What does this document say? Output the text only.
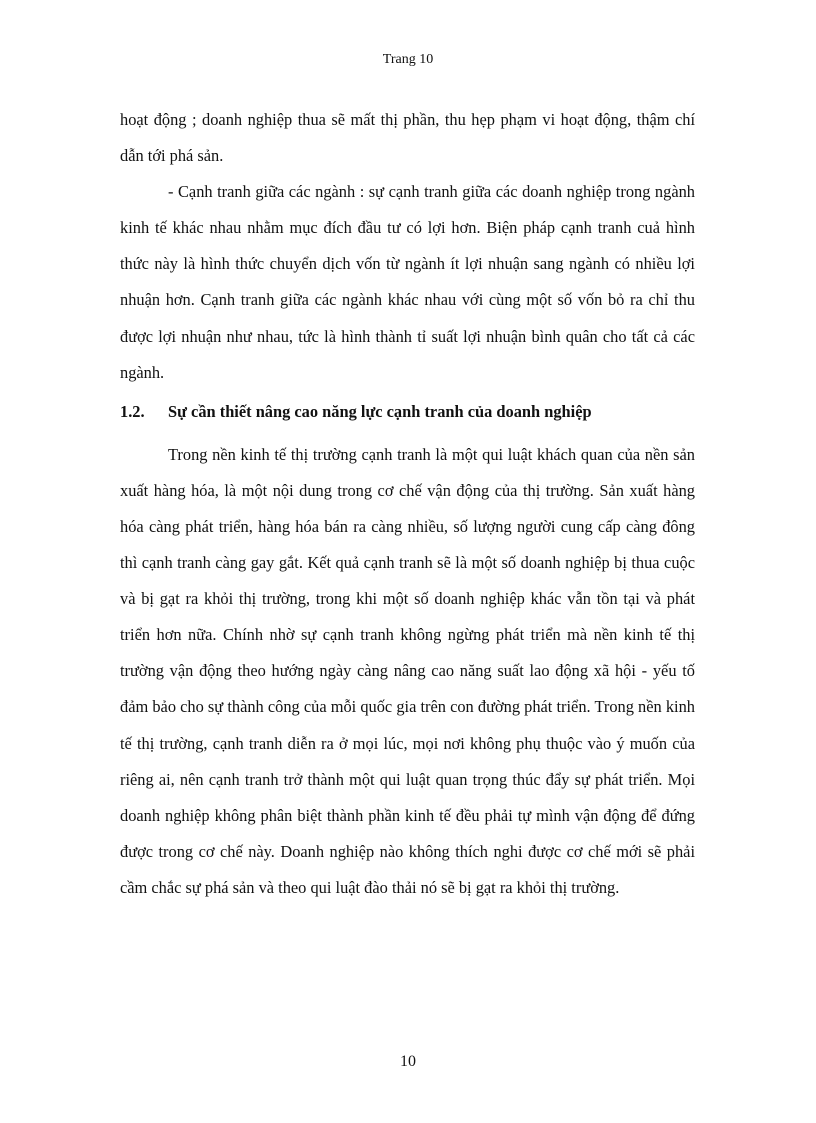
Trang 10

hoạt động ; doanh nghiệp thua sẽ mất thị phần, thu hẹp phạm vi hoạt động, thậm chí dẫn tới phá sản.

- Cạnh tranh giữa các ngành : sự cạnh tranh giữa các doanh nghiệp trong ngành kinh tế khác nhau nhằm mục đích đầu tư có lợi hơn. Biện pháp cạnh tranh cuả hình thức này là hình thức chuyển dịch vốn từ ngành ít lợi nhuận sang ngành có nhiều lợi nhuận hơn. Cạnh tranh giữa các ngành khác nhau với cùng một số vốn bỏ ra chỉ thu được lợi nhuận như nhau, tức là hình thành tỉ suất lợi nhuận bình quân cho tất cả các ngành.

1.2.	Sự cần thiết nâng cao năng lực cạnh tranh của doanh nghiệp

Trong nền kinh tế thị trường cạnh tranh là một qui luật khách quan của nền sản xuất hàng hóa, là một nội dung trong cơ chế vận động của thị trường. Sản xuất hàng hóa càng phát triển, hàng hóa bán ra càng nhiều, số lượng người cung cấp càng đông thì cạnh tranh càng gay gắt. Kết quả cạnh tranh sẽ là một số doanh nghiệp bị thua cuộc và bị gạt ra khỏi thị trường, trong khi một số doanh nghiệp khác vẫn tồn tại và phát triển hơn nữa. Chính nhờ sự cạnh tranh không ngừng phát triển mà nền kinh tế thị trường vận động theo hướng ngày càng nâng cao năng suất lao động xã hội - yếu tố đảm bảo cho sự thành công của mỗi quốc gia trên con đường phát triển. Trong nền kinh tế thị trường, cạnh tranh diễn ra ở mọi lúc, mọi nơi không phụ thuộc vào ý muốn của riêng ai, nên cạnh tranh trở thành một qui luật quan trọng thúc đẩy sự phát triển. Mọi doanh nghiệp không phân biệt thành phần kinh tế đều phải tự mình vận động để đứng được trong cơ chế này. Doanh nghiệp nào không thích nghi được cơ chế mới sẽ phải cầm chắc sự phá sản và theo qui luật đào thải nó sẽ bị gạt ra khỏi thị trường.

10
